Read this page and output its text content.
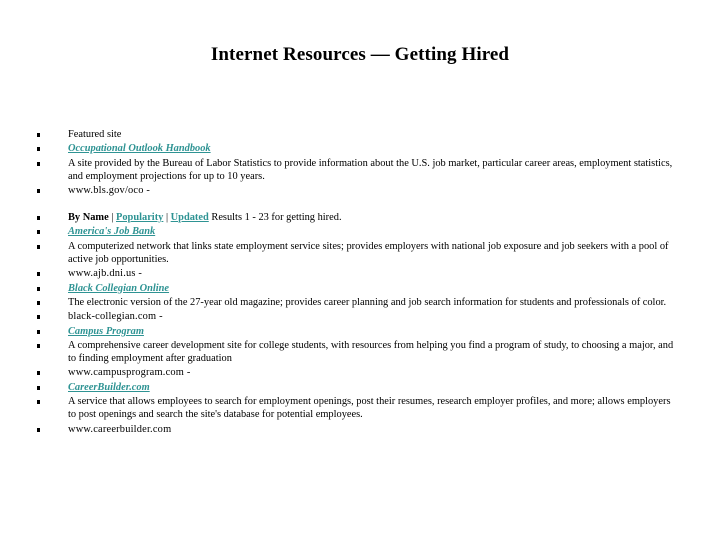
Internet Resources — Getting Hired
Featured site
Occupational Outlook Handbook
A site provided by the Bureau of Labor Statistics to provide information about the U.S. job market, particular career areas, employment statistics, and employment projections for up to 10 years.
www.bls.gov/oco -
By Name | Popularity | Updated Results 1 - 23 for getting hired.
America's Job Bank
A computerized network that links state employment service sites; provides employers with national job exposure and job seekers with a pool of active job opportunities.
www.ajb.dni.us -
Black Collegian Online
The electronic version of the 27-year old magazine; provides career planning and job search information for students and professionals of color.
black-collegian.com -
Campus Program
A comprehensive career development site for college students, with resources from helping you find a program of study, to choosing a major, and to finding employment after graduation
www.campusprogram.com -
CareerBuilder.com
A service that allows employees to search for employment openings, post their resumes, research employer profiles, and more; allows employers to post openings and search the site's database for potential employees.
www.careerbuilder.com
